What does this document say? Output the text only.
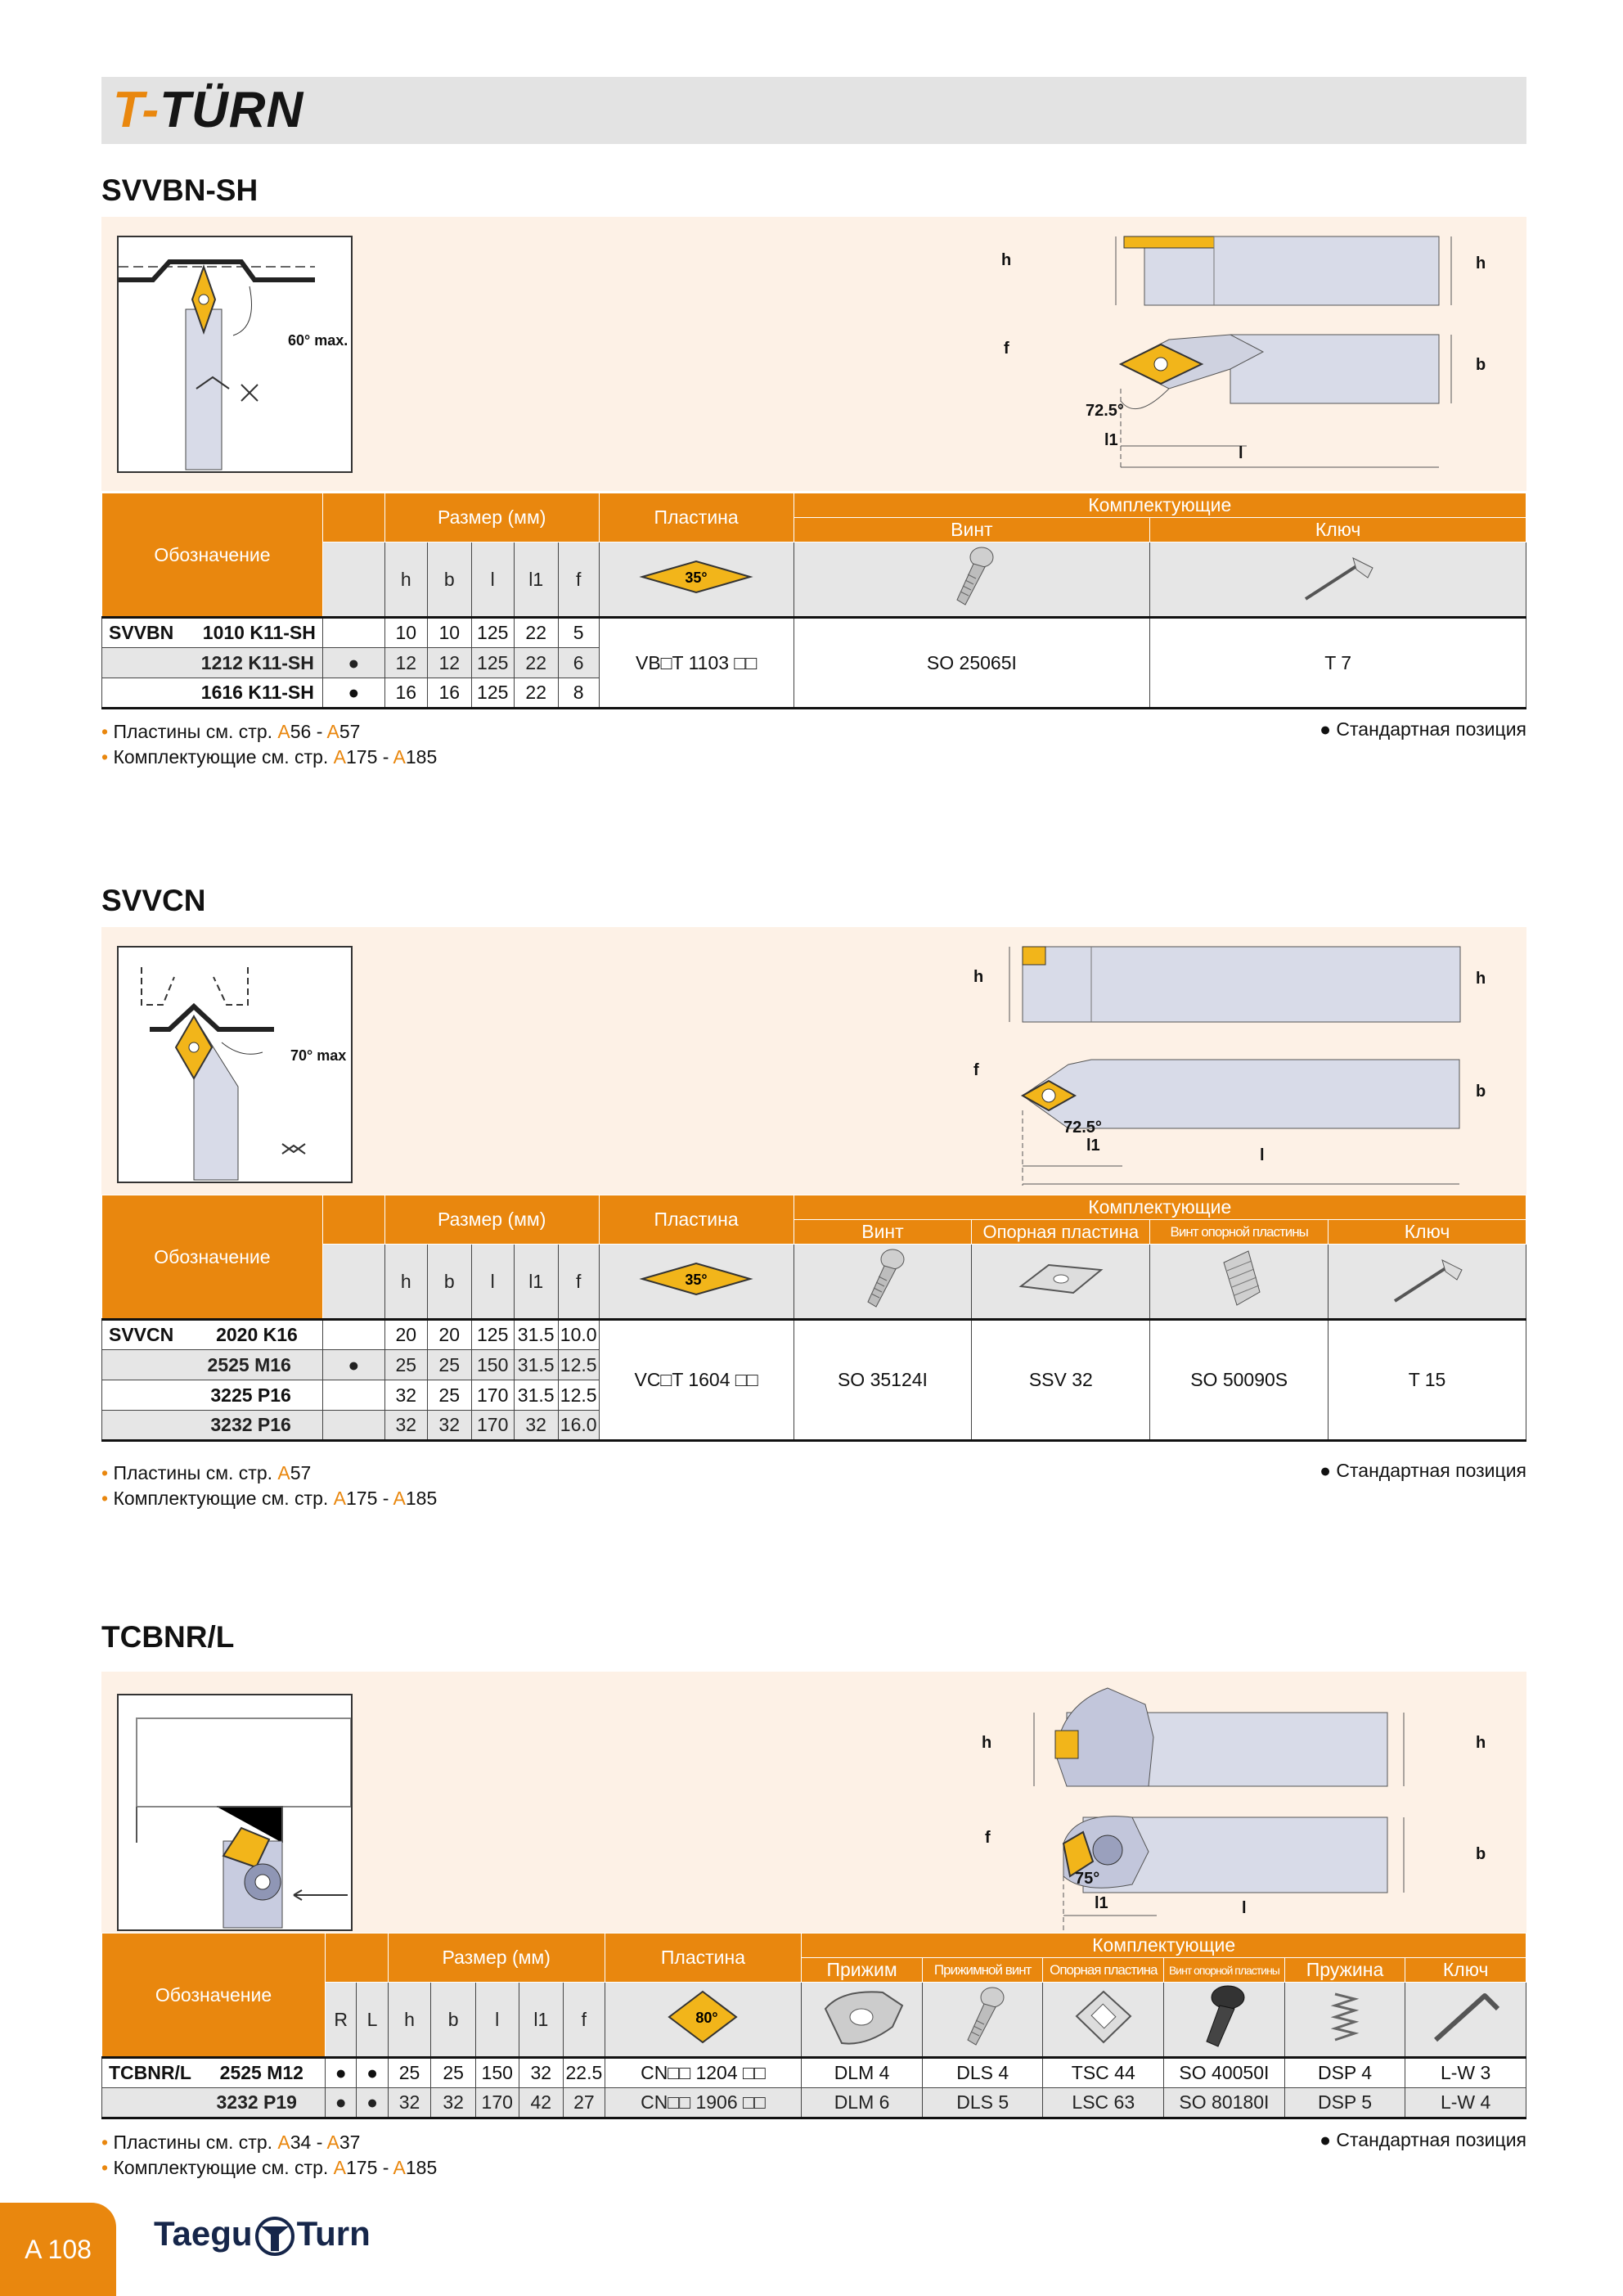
T-TÜRN
SVVBN-SH
60° max.
h	h
f
b
72.5°
l1
l
Обозначение		Размер (мм)					Пластина	Комплектующие	
								Винт	Ключ
		h	b	l	l1	f	35°

SVVBN 1010 K11-SH		10	10	125	22	5	VB□T 1103 □□	SO 25065I	T 7
1212 K11-SH	●	12	12	125	22	6			
1616 K11-SH	●	16	16	125	22	8			
• Пластины см. стр. A56 - A57
• Комплектующие см. стр. A175 - A185
● Стандартная позиция
SVVCN
70° max
h	h
f
b
72.5°
l1
l
Обозначение		Размер (мм)					Пластина	Комплектующие			
								Винт	Опорная пластина	Винт опорной пластины	Ключ
		h	b	l	l1	f	35°

SVVCN 2020 K16		20	20	125	31.5	10.0	VC□T 1604 □□	SO 35124I	SSV 32	SO 50090S	T 15
2525 M16	●	25	25	150	31.5	12.5					
3225 P16		32	25	170	31.5	12.5					
3232 P16		32	32	170	32	16.0					
• Пластины см. стр. A57
• Комплектующие см. стр. A175 - A185
● Стандартная позиция
TCBNR/L
h	h
f
b
75°
l1	l
Обозначение			Размер (мм)					Пластина	Комплектующие					
									Прижим	Прижимной винт	Опорная пластина	Винт опорной пластины	Пружина	Ключ
	R	L	h	b	l	l1	f	80°

TCBNR/L 2525 M12	●	●	25	25	150	32	22.5	CN□□ 1204 □□	DLM 4	DLS 4	TSC 44	SO 40050I	DSP 4	L-W 3
3232 P19	●	●	32	32	170	42	27	CN□□ 1906 □□	DLM 6	DLS 5	LSC 63	SO 80180I	DSP 5	L-W 4
• Пластины см. стр. A34 - A37
• Комплектующие см. стр. A175 - A185
● Стандартная позиция
A 108	Taegu Turn
